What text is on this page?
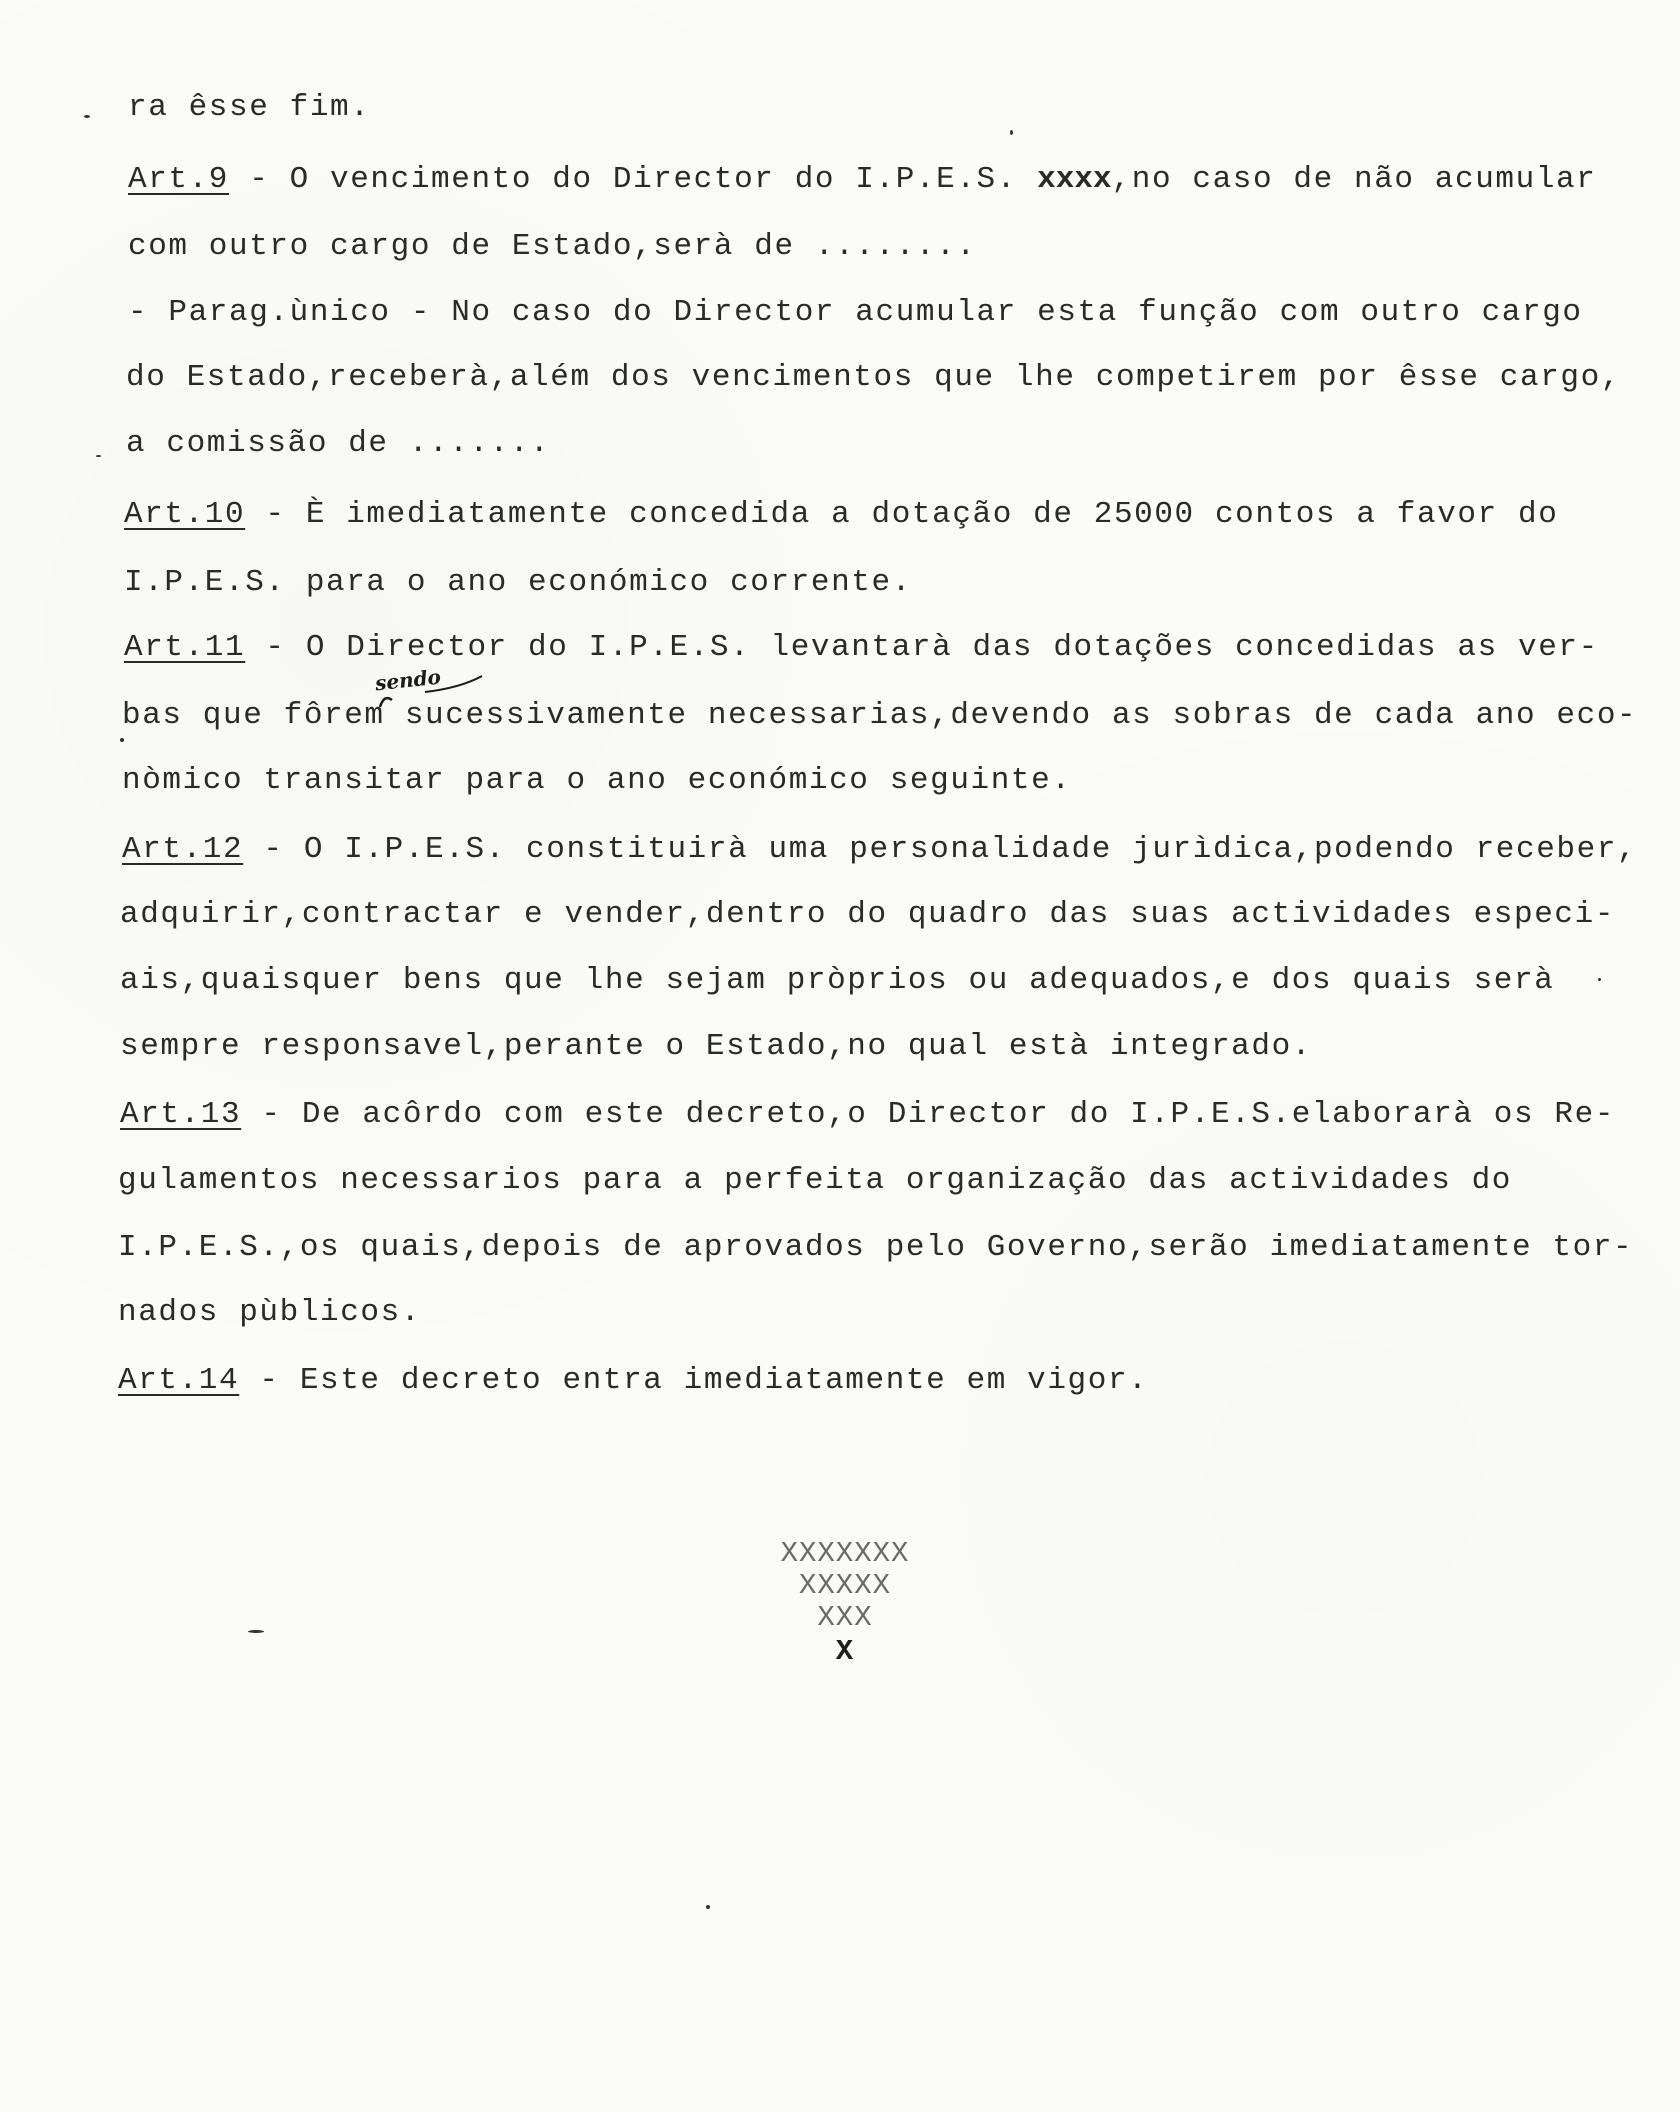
ra êsse fim.
Art.9 - O vencimento do Director do I.P.E.S. xxxx,no caso de não acumular
com outro cargo de Estado,serà de ........
- Parag.ùnico - No caso do Director acumular esta função com outro cargo
do Estado,receberà,além dos vencimentos que lhe competirem por êsse cargo,
a comissão de .......
Art.10 - È imediatamente concedida a dotação de 25000 contos a favor do
I.P.E.S. para o ano económico corrente.
Art.11 - O Director do I.P.E.S. levantarà das dotações concedidas as ver-
bas que fôrem sucessivamente necessarias,devendo as sobras de cada ano eco-
nòmico transitar para o ano económico seguinte.
Art.12 - O I.P.E.S. constituirà uma personalidade jurìdica,podendo receber,
adquirir,contractar e vender,dentro do quadro das suas actividades especi-
ais,quaisquer bens que lhe sejam pròprios ou adequados,e dos quais serà
sempre responsavel,perante o Estado,no qual està integrado.
Art.13 - De acôrdo com este decreto,o Director do I.P.E.S.elaborarà os Re-
gulamentos necessarios para a perfeita organização das actividades do
I.P.E.S.,os quais,depois de aprovados pelo Governo,serão imediatamente tor-
nados pùblicos.
Art.14 - Este decreto entra imediatamente em vigor.
sendo
XXXXXXX
XXXXX
XXX
X
